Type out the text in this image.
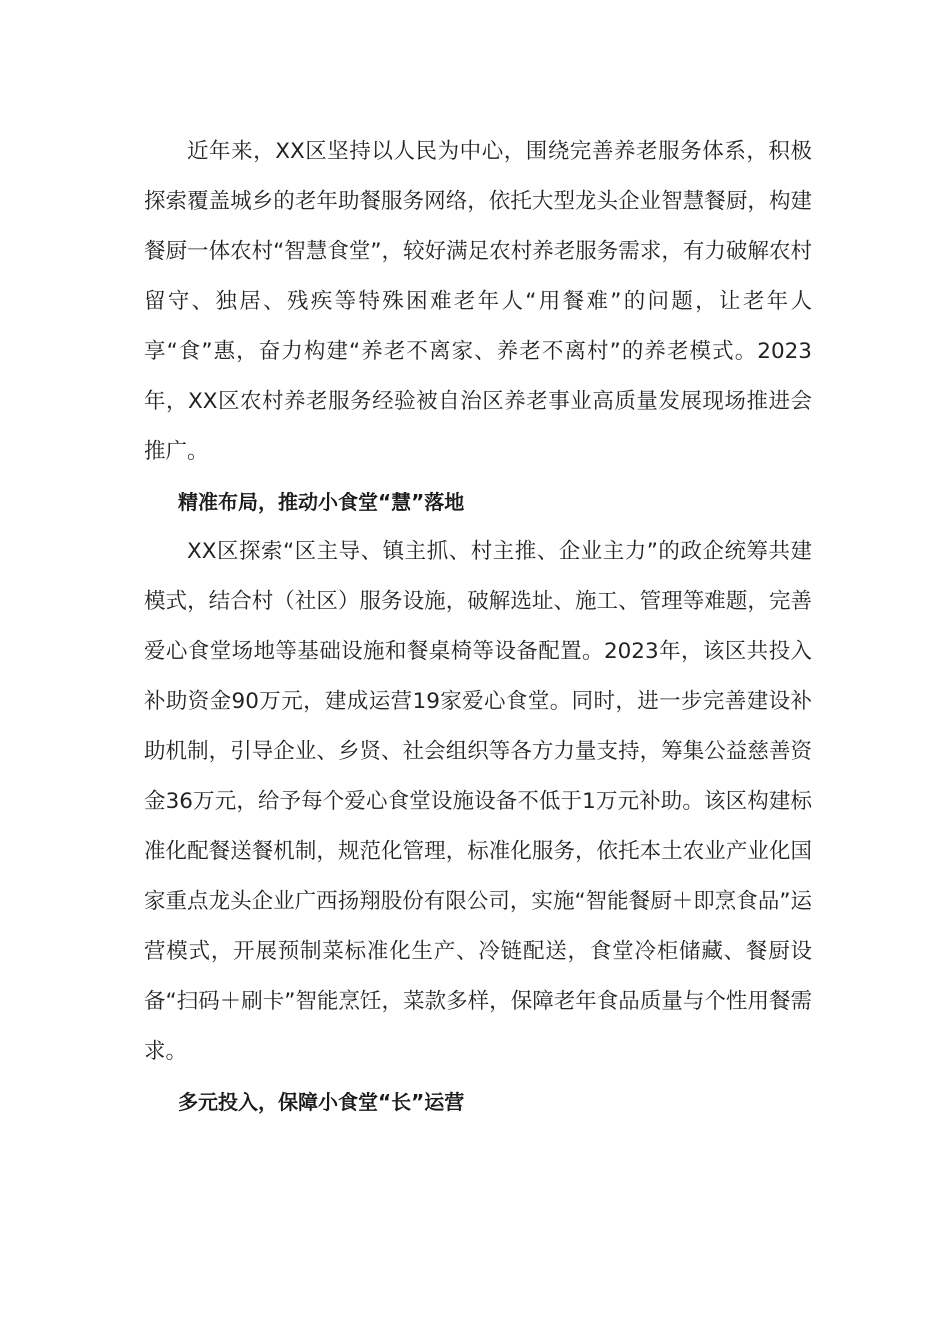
近年来，XX区坚持以人民为中心，围绕完善养老服务体系，积极探索覆盖城乡的老年助餐服务网络，依托大型龙头企业智慧餐厨，构建餐厨一体农村“智慧食堂”，较好满足农村养老服务需求，有力破解农村留守、独居、残疾等特殊困难老年人“用餐难”的问题，让老年人享“食”惠，奋力构建“养老不离家、养老不离村”的养老模式。2023年，XX区农村养老服务经验被自治区养老事业高质量发展现场推进会推广。

精准布局，推动小食堂“慧”落地

XX区探索“区主导、镇主抓、村主推、企业主力”的政企统筹共建模式，结合村（社区）服务设施，破解选址、施工、管理等难题，完善爱心食堂场地等基础设施和餐桌椅等设备配置。2023年，该区共投入补助资金90万元，建成运营19家爱心食堂。同时，进一步完善建设补助机制，引导企业、乡贤、社会组织等各方力量支持，筹集公益慈善资金36万元，给予每个爱心食堂设施设备不低于1万元补助。该区构建标准化配餐送餐机制，规范化管理，标准化服务，依托本土农业产业化国家重点龙头企业广西扬翔股份有限公司，实施“智能餐厨＋即烹食品”运营模式，开展预制菜标准化生产、冷链配送，食堂冷柜储藏、餐厨设备“扫码＋刷卡”智能烹饪，菜款多样，保障老年食品质量与个性用餐需求。

多元投入，保障小食堂“长”运营
